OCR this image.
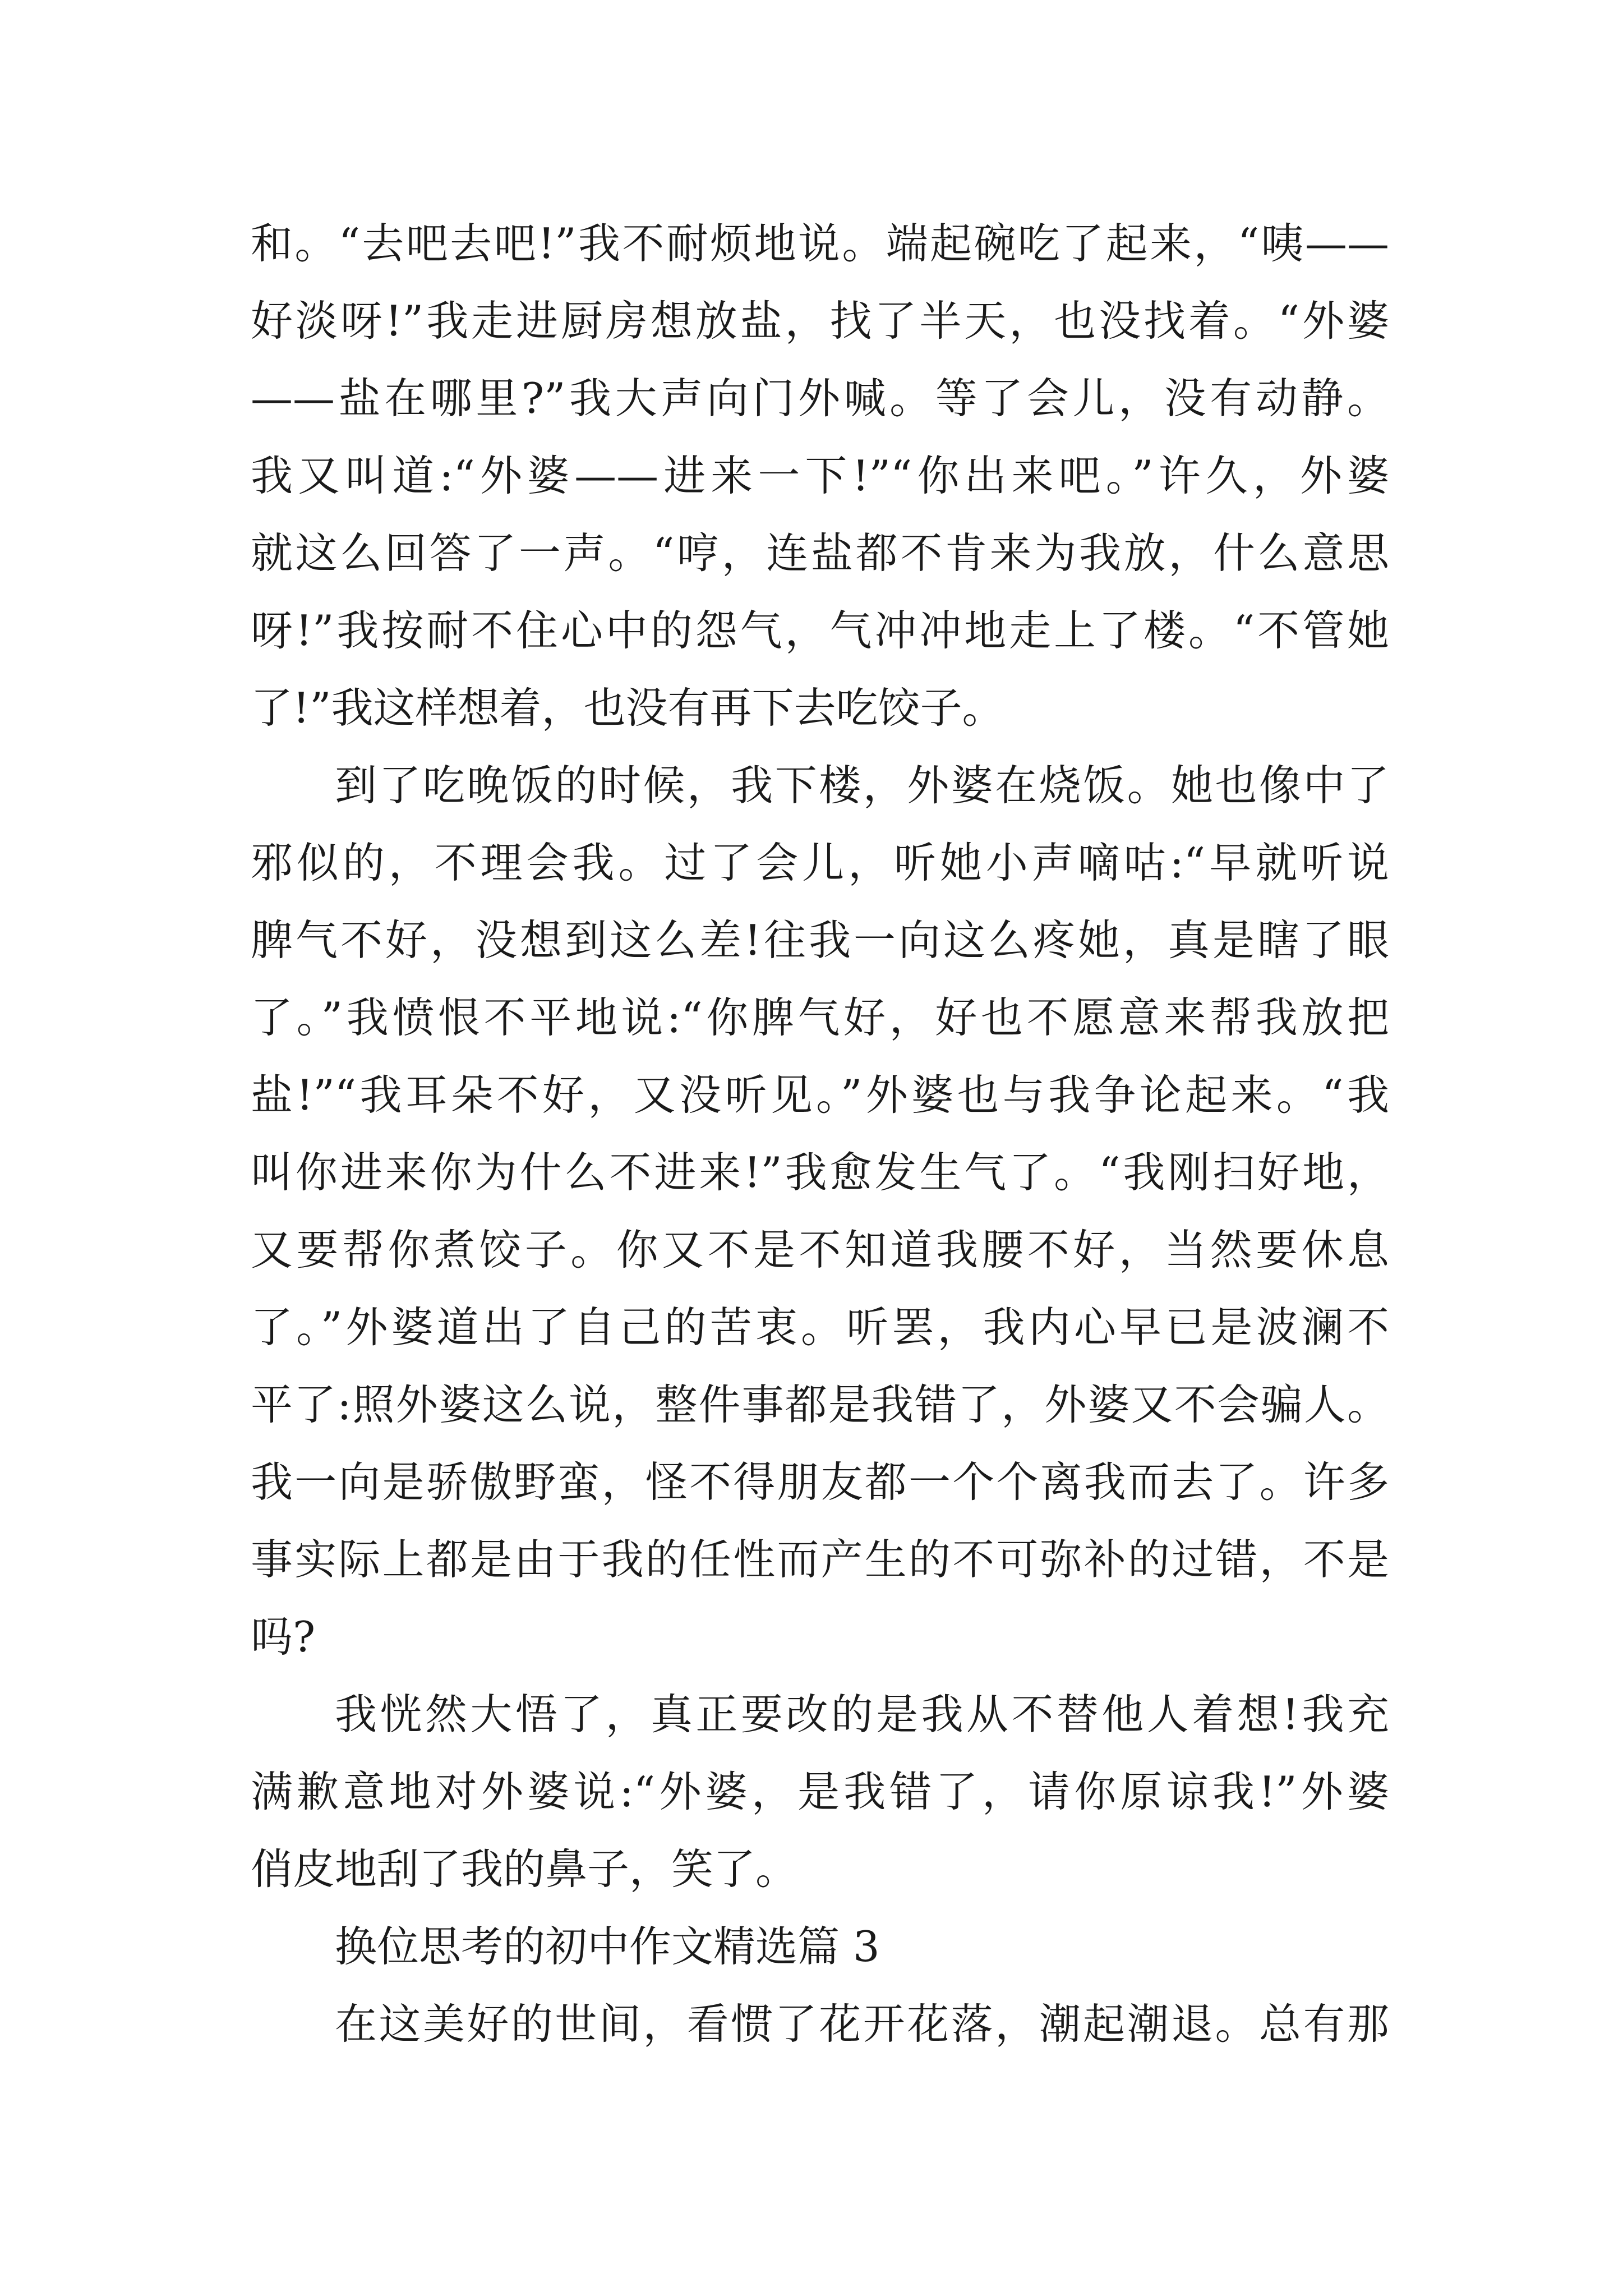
和。“去吧去吧!”我不耐烦地说。端起碗吃了起来，“咦——
好淡呀!”我走进厨房想放盐，找了半天，也没找着。“外婆
——盐在哪里?”我大声向门外喊。等了会儿，没有动静。
我又叫道:“外婆——进来一下!”“你出来吧。”许久，外婆
就这么回答了一声。“哼，连盐都不肯来为我放，什么意思
呀!”我按耐不住心中的怨气，气冲冲地走上了楼。“不管她
了!”我这样想着，也没有再下去吃饺子。
到了吃晚饭的时候，我下楼，外婆在烧饭。她也像中了
邪似的，不理会我。过了会儿，听她小声嘀咕:“早就听说
脾气不好，没想到这么差!往我一向这么疼她，真是瞎了眼
了。”我愤恨不平地说:“你脾气好，好也不愿意来帮我放把
盐!”“我耳朵不好，又没听见。”外婆也与我争论起来。“我
叫你进来你为什么不进来!”我愈发生气了。“我刚扫好地，
又要帮你煮饺子。你又不是不知道我腰不好，当然要休息
了。”外婆道出了自己的苦衷。听罢，我内心早已是波澜不
平了:照外婆这么说，整件事都是我错了，外婆又不会骗人。
我一向是骄傲野蛮，怪不得朋友都一个个离我而去了。许多
事实际上都是由于我的任性而产生的不可弥补的过错，不是
吗?
我恍然大悟了，真正要改的是我从不替他人着想!我充
满歉意地对外婆说:“外婆，是我错了，请你原谅我!”外婆
俏皮地刮了我的鼻子，笑了。
换位思考的初中作文精选篇 3
在这美好的世间，看惯了花开花落，潮起潮退。总有那
